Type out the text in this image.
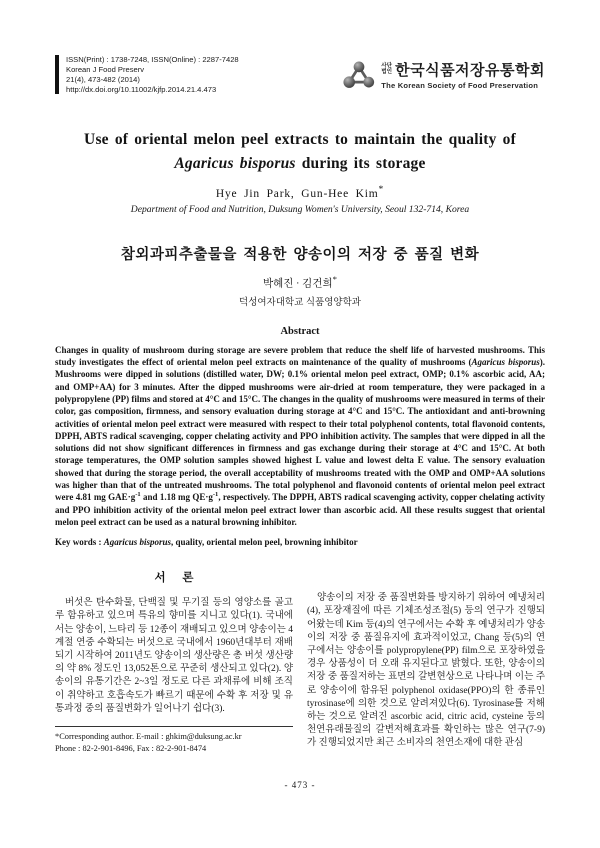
ISSN(Print) : 1738-7248, ISSN(Online) : 2287-7428
Korean J Food Preserv
21(4), 473-482 (2014)
http://dx.doi.org/10.11002/kjfp.2014.21.4.473
사단
법인 한국식품저장유통학회
The Korean Society of Food Preservation
Use of oriental melon peel extracts to maintain the quality of Agaricus bisporus during its storage
Hye Jin Park, Gun-Hee Kim*
Department of Food and Nutrition, Duksung Women's University, Seoul 132-714, Korea
참외과피추출물을 적용한 양송이의 저장 중 품질 변화
박혜진 · 김건희*
덕성여자대학교 식품영양학과
Abstract

Changes in quality of mushroom during storage are severe problem that reduce the shelf life of harvested mushrooms. This study investigates the effect of oriental melon peel extracts on maintenance of the quality of mushrooms (Agaricus bisporus). Mushrooms were dipped in solutions (distilled water, DW; 0.1% oriental melon peel extract, OMP; 0.1% ascorbic acid, AA; and OMP+AA) for 3 minutes. After the dipped mushrooms were air-dried at room temperature, they were packaged in a polypropylene (PP) films and stored at 4°C and 15°C. The changes in the quality of mushrooms were measured in terms of their color, gas composition, firmness, and sensory evaluation during storage at 4°C and 15°C. The antioxidant and anti-browning activities of oriental melon peel extract were measured with respect to their total polyphenol contents, total flavonoid contents, DPPH, ABTS radical scavenging, copper chelating activity and PPO inhibition activity. The samples that were dipped in all the solutions did not show significant differences in firmness and gas exchange during their storage at 4°C and 15°C. At both storage temperatures, the OMP solution samples showed highest L value and lowest delta E value. The sensory evaluation showed that during the storage period, the overall acceptability of mushrooms treated with the OMP and OMP+AA solutions was higher than that of the untreated mushrooms. The total polyphenol and flavonoid contents of oriental melon peel extract were 4.81 mg $GAE\cdot g^{-1}$ and 1.18 mg $QE\cdot g^{-1}$, respectively. The DPPH, ABTS radical scavenging activity, copper chelating activity and PPO inhibition activity of the oriental melon peel extract lower than ascorbic acid. All these results suggest that oriental melon peel extract can be used as a natural browning inhibitor.

Key words : Agaricus bisporus, quality, oriental melon peel, browning inhibitor
서 론

버섯은 탄수화물, 단백질 및 무기질 등의 영양소를 골고루 함유하고 있으며 특유의 향미를 지니고 있다(1). 국내에서는 양송이, 느타리 등 12종이 재배되고 있으며 양송이는 4계절 연중 수확되는 버섯으로 국내에서 1960년대부터 재배되기 시작하여 2011년도 양송이의 생산량은 총 버섯 생산량의 약 8% 정도인 13,052톤으로 꾸준히 생산되고 있다(2). 양송이의 유통기간은 2~3일 정도로 다른 과채류에 비해 조직이 취약하고 호흡속도가 빠르기 때문에 수확 후 저장 및 유통과정 중의 품질변화가 일어나기 쉽다(3).

*Corresponding author. E-mail : ghkim@duksung.ac.kr
Phone : 82-2-901-8496, Fax : 82-2-901-8474

양송이의 저장 중 품질변화를 방지하기 위하여 예냉처리(4), 포장재질에 따른 기체조성조절(5) 등의 연구가 진행되어왔는데 Kim 등(4)의 연구에서는 수확 후 예냉처리가 양송이의 저장 중 품질유지에 효과적이었고, Chang 등(5)의 연구에서는 양송이를 polypropylene(PP) film으로 포장하였을 경우 상품성이 더 오래 유지된다고 밝혔다. 또한, 양송이의 저장 중 품질저하는 표면의 갈변현상으로 나타나며 이는 주로 양송이에 함유된 polyphenol oxidase(PPO)의 한 종류인 tyrosinase에 의한 것으로 알려져있다(6). Tyrosinase를 저해하는 것으로 알려진 ascorbic acid, citric acid, cysteine 등의 천연유래물질의 갈변저해효과를 확인하는 많은 연구(7-9)가 진행되었지만 최근 소비자의 천연소재에 대한 관심

- 473 -
